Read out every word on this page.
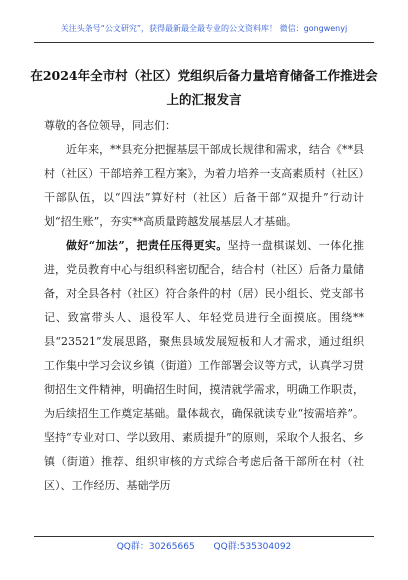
关注头条号“公文研究”，获得最新最全最专业的公文资料库！ 微信：gongwenyj
在2024年全市村（社区）党组织后备力量培育储备工作推进会上的汇报发言

尊敬的各位领导，同志们：

近年来，**县充分把握基层干部成长规律和需求，结合《**县村（社区）干部培养工程方案》，为着力培养一支高素质村（社区）干部队伍，以“四法”算好村（社区）后备干部“双提升”行动计划“招生账”，夯实**高质量跨越发展基层人才基础。

做好“加法”，把责任压得更实。坚持一盘棋谋划、一体化推进，党员教育中心与组织科密切配合，结合村（社区）后备力量储备，对全县各村（社区）符合条件的村（居）民小组长、党支部书记、致富带头人、退役军人、年轻党员进行全面摸底。围绕**县“23521”发展思路，聚焦县域发展短板和人才需求，通过组织工作集中学习会议乡镇（街道）工作部署会议等方式，认真学习贯彻招生文件精神，明确招生时间，摸清就学需求，明确工作职责，为后续招生工作奠定基础。量体裁衣，确保就读专业“按需培养”。坚持“专业对口、学以致用、素质提升”的原则，采取个人报名、乡镇（街道）推荐、组织审核的方式综合考虑后备干部所在村（社区）、工作经历、基础学历

QQ群：30265665 QQ群:535304092
